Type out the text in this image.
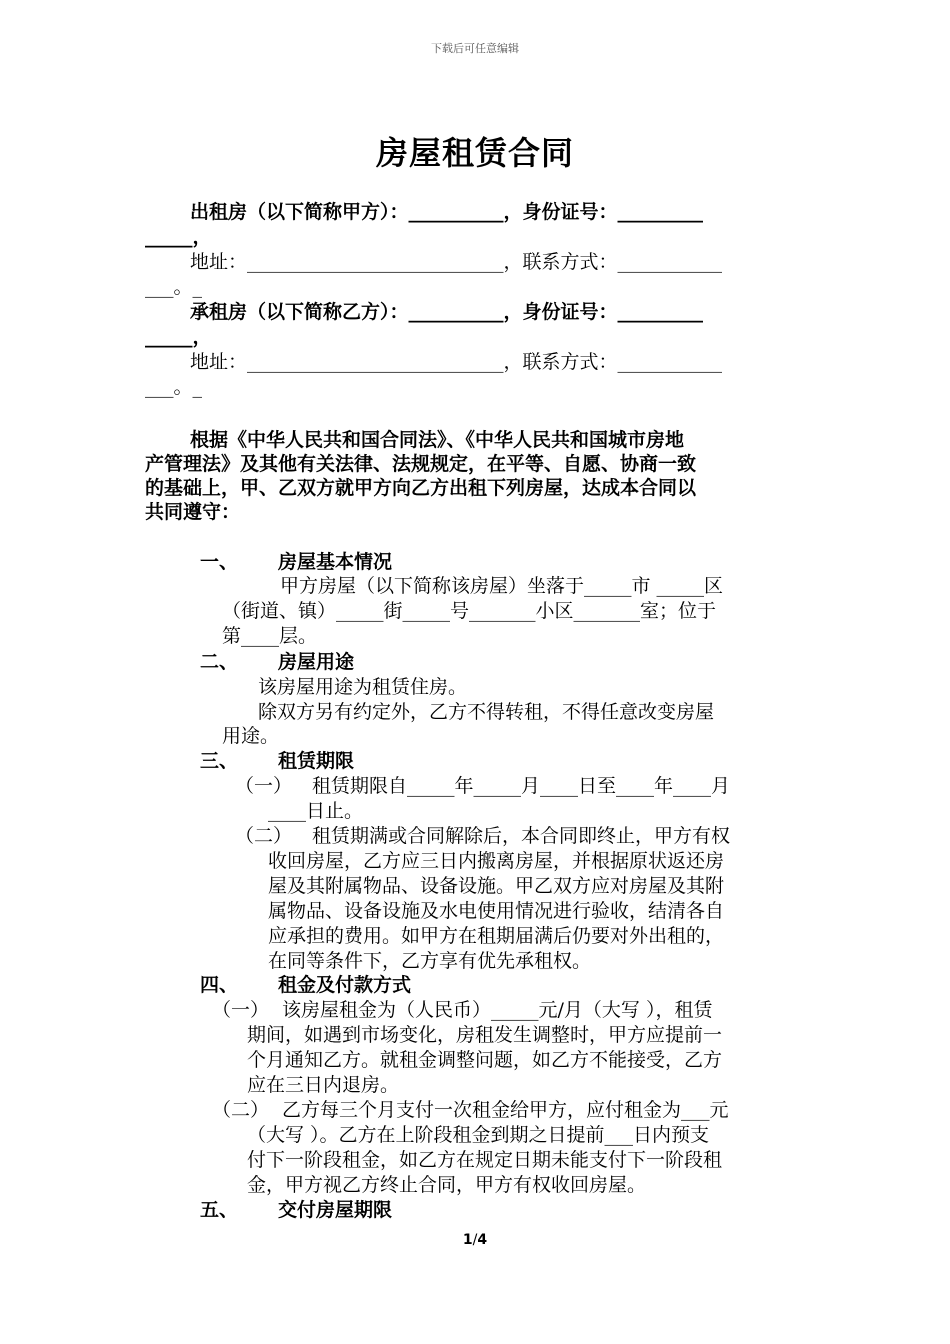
下载后可任意编辑
房屋租赁合同
出租房（以下简称甲方）：__________，身份证号：_________
_____，
地址：___________________________，联系方式：___________
___。_
承租房（以下简称乙方）：__________，身份证号：_________
_____，
地址：___________________________，联系方式：___________
___。_
根据《中华人民共和国合同法》、《中华人民共和国城市房地
产管理法》及其他有关法律、法规规定，在平等、自愿、协商一致
的基础上，甲、乙双方就甲方向乙方出租下列房屋，达成本合同以
共同遵守：
一、 房屋基本情况
甲方房屋（以下简称该房屋）坐落于_____市 _____区
（街道、镇）_____街_____号_______小区_______室；位于
第____层。
二、 房屋用途
该房屋用途为租赁住房。
除双方另有约定外，乙方不得转租，不得任意改变房屋
用途。
三、 租赁期限
（一） 租赁期限自_____年_____月____日至____年____月
____日止。
（二） 租赁期满或合同解除后，本合同即终止，甲方有权
收回房屋，乙方应三日内搬离房屋，并根据原状返还房
屋及其附属物品、设备设施。甲乙双方应对房屋及其附
属物品、设备设施及水电使用情况进行验收，结清各自
应承担的费用。如甲方在租期届满后仍要对外出租的，
在同等条件下，乙方享有优先承租权。
四、 租金及付款方式
（一） 该房屋租金为（人民币）_____元/月（大写 ），租赁
期间，如遇到市场变化，房租发生调整时，甲方应提前一
个月通知乙方。就租金调整问题，如乙方不能接受，乙方
应在三日内退房。
（二） 乙方每三个月支付一次租金给甲方，应付租金为___元
（大写 ）。乙方在上阶段租金到期之日提前___日内预支
付下一阶段租金，如乙方在规定日期未能支付下一阶段租
金，甲方视乙方终止合同，甲方有权收回房屋。
五、 交付房屋期限
1/4
